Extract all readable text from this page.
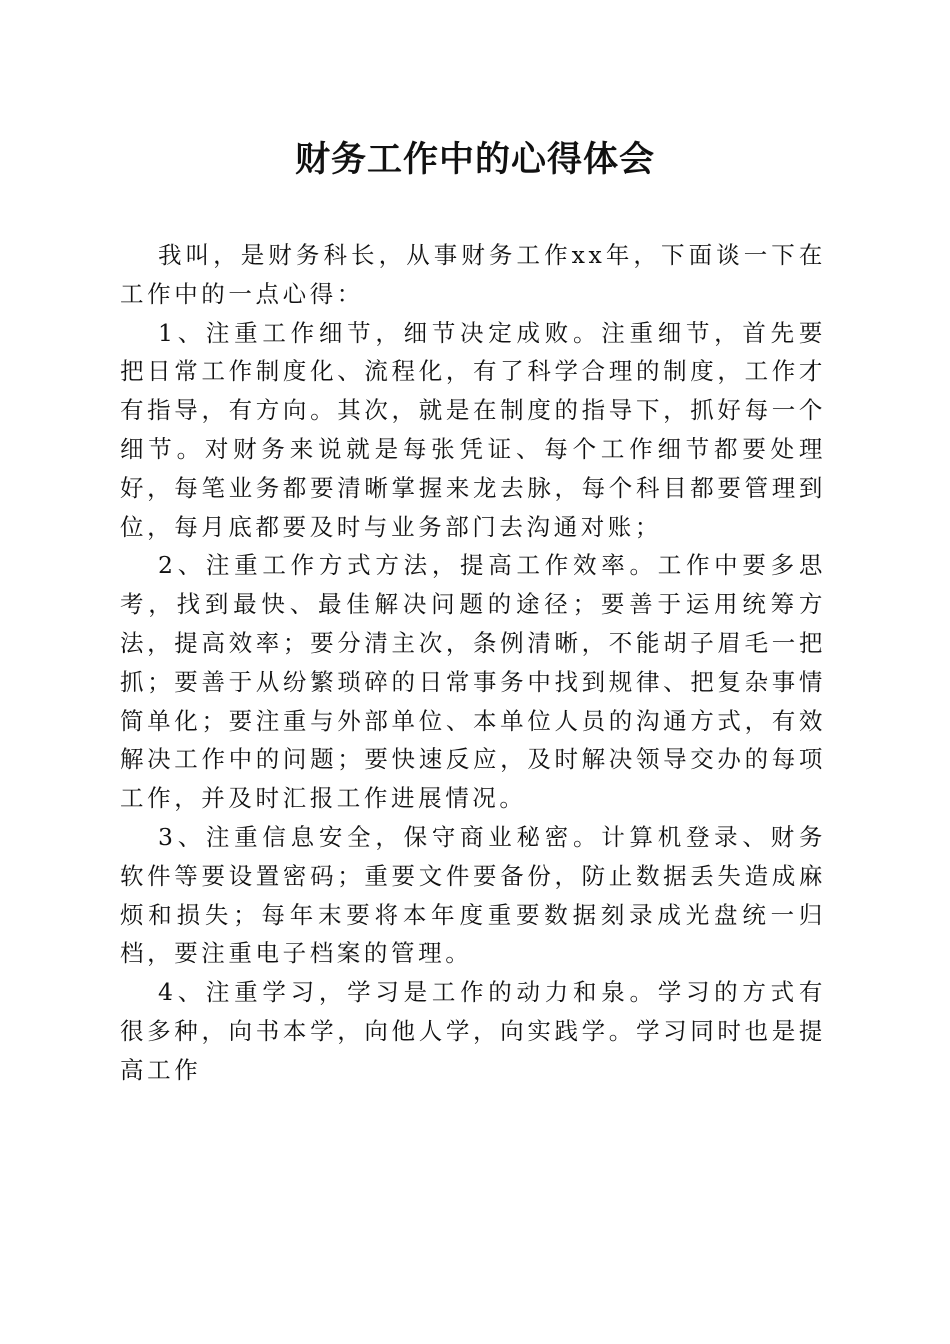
财务工作中的心得体会

我叫，是财务科长，从事财务工作xx年，下面谈一下在工作中的一点心得：

1、注重工作细节，细节决定成败。注重细节，首先要把日常工作制度化、流程化，有了科学合理的制度，工作才有指导，有方向。其次，就是在制度的指导下，抓好每一个细节。对财务来说就是每张凭证、每个工作细节都要处理好，每笔业务都要清晰掌握来龙去脉，每个科目都要管理到位，每月底都要及时与业务部门去沟通对账；

2、注重工作方式方法，提高工作效率。工作中要多思考，找到最快、最佳解决问题的途径；要善于运用统筹方法，提高效率；要分清主次，条例清晰，不能胡子眉毛一把抓；要善于从纷繁琐碎的日常事务中找到规律、把复杂事情简单化；要注重与外部单位、本单位人员的沟通方式，有效解决工作中的问题；要快速反应，及时解决领导交办的每项工作，并及时汇报工作进展情况。

3、注重信息安全，保守商业秘密。计算机登录、财务软件等要设置密码；重要文件要备份，防止数据丢失造成麻烦和损失；每年末要将本年度重要数据刻录成光盘统一归档，要注重电子档案的管理。

4、注重学习，学习是工作的动力和泉。学习的方式有很多种，向书本学，向他人学，向实践学。学习同时也是提高工作
